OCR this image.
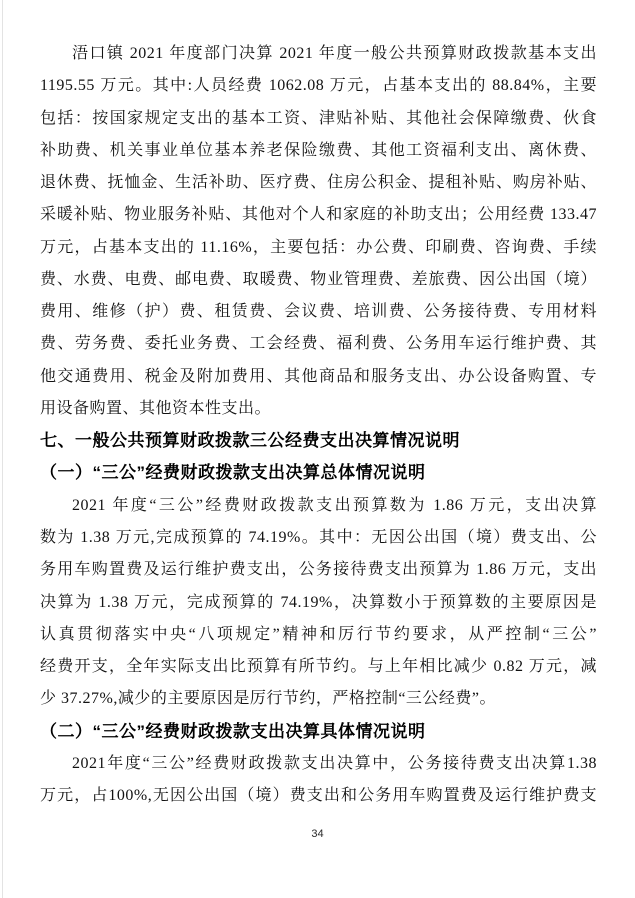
浯口镇 2021 年度部门决算 2021 年度一般公共预算财政拨款基本支出
1195.55 万元。其中:人员经费 1062.08 万元，占基本支出的 88.84%，主要
包括：按国家规定支出的基本工资、津贴补贴、其他社会保障缴费、伙食
补助费、机关事业单位基本养老保险缴费、其他工资福利支出、离休费、
退休费、抚恤金、生活补助、医疗费、住房公积金、提租补贴、购房补贴、
采暖补贴、物业服务补贴、其他对个人和家庭的补助支出；公用经费 133.47
万元，占基本支出的 11.16%，主要包括：办公费、印刷费、咨询费、手续
费、水费、电费、邮电费、取暖费、物业管理费、差旅费、因公出国（境）
费用、维修（护）费、租赁费、会议费、培训费、公务接待费、专用材料
费、劳务费、委托业务费、工会经费、福利费、公务用车运行维护费、其
他交通费用、税金及附加费用、其他商品和服务支出、办公设备购置、专
用设备购置、其他资本性支出。
七、一般公共预算财政拨款三公经费支出决算情况说明
（一）“三公”经费财政拨款支出决算总体情况说明
2021 年度“三公”经费财政拨款支出预算数为 1.86 万元，支出决算
数为 1.38 万元,完成预算的 74.19%。其中：无因公出国（境）费支出、公
务用车购置费及运行维护费支出，公务接待费支出预算为 1.86 万元，支出
决算为 1.38 万元，完成预算的 74.19%，决算数小于预算数的主要原因是
认真贯彻落实中央“八项规定”精神和厉行节约要求，从严控制“三公”
经费开支，全年实际支出比预算有所节约。与上年相比减少 0.82 万元，减
少 37.27%,减少的主要原因是厉行节约，严格控制“三公经费”。
（二）“三公”经费财政拨款支出决算具体情况说明
2021年度“三公”经费财政拨款支出决算中，公务接待费支出决算1.38
万元，占100%,无因公出国（境）费支出和公务用车购置费及运行维护费支
34
